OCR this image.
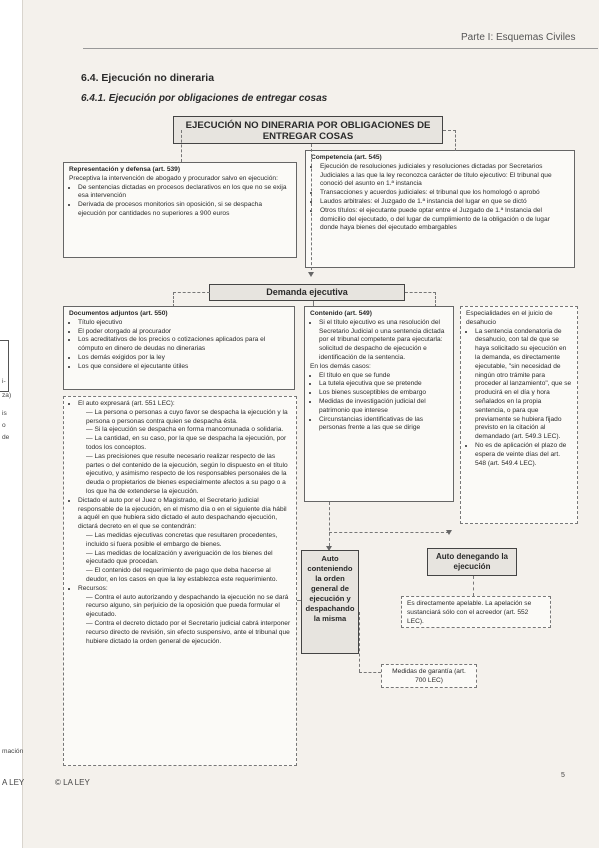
Parte I: Esquemas Civiles
6.4. Ejecución no dineraria
6.4.1. Ejecución por obligaciones de entregar cosas
EJECUCIÓN NO DINERARIA POR OBLIGACIONES DE ENTREGAR COSAS
Representación y defensa (art. 539)
Preceptiva la intervención de abogado y procurador salvo en ejecución:
• De sentencias dictadas en procesos declarativos en los que no se exija esa intervención
• Derivada de procesos monitorios sin oposición, si se despacha ejecución por cantidades no superiores a 900 euros
Competencia (art. 545)
• Ejecución de resoluciones judiciales y resoluciones dictadas por Secretarios Judiciales a las que la ley reconozca carácter de título ejecutivo: El tribunal que conoció del asunto en 1.ª instancia
• Transacciones y acuerdos judiciales: el tribunal que los homologó o aprobó
• Laudos arbitrales: el Juzgado de 1.ª instancia del lugar en que se dictó
• Otros títulos: el ejecutante puede optar entre el Juzgado de 1.ª Instancia del domicilio del ejecutado, o del lugar de cumplimiento de la obligación o de lugar donde haya bienes del ejecutado embargables
Demanda ejecutiva
Documentos adjuntos (art. 550)
• Título ejecutivo
• El poder otorgado al procurador
• Los acreditativos de los precios o cotizaciones aplicados para el cómputo en dinero de deudas no dinerarias
• Los demás exigidos por la ley
• Los que considere el ejecutante útiles
Contenido (art. 549)
• Si el título ejecutivo es una resolución del Secretario Judicial o una sentencia dictada por el tribunal competente para ejecutarla: solicitud de despacho de ejecución e identificación de la sentencia.
En los demás casos:
• El título en que se funde
• La tutela ejecutiva que se pretende
• Los bienes susceptibles de embargo
• Medidas de investigación judicial del patrimonio que interese
• Circunstancias identificativas de las personas frente a las que se dirige
Especialidades en el juicio de desahucio
• La sentencia condenatoria de desahucio, con tal de que se haya solicitado su ejecución en la demanda, es directamente ejecutable, "sin necesidad de ningún otro trámite para proceder al lanzamiento", que se producirá en el día y hora señalados en la propia sentencia, o para que previamente se hubiera fijado previsto en la citación al demandado (art. 549.3 LEC).
• No es de aplicación el plazo de espera de veinte días del art. 548 (art. 549.4 LEC).
• El auto expresará (art. 551 LEC):
— La persona o personas a cuyo favor se despacha la ejecución y la persona o personas contra quien se despacha ésta.
— Si la ejecución se despacha en forma mancomunada o solidaria.
— La cantidad, en su caso, por la que se despacha la ejecución, por todos los conceptos.
— Las precisiones que resulte necesario realizar respecto de las partes o del contenido de la ejecución, según lo dispuesto en el título ejecutivo, y asimismo respecto de los responsables personales de la deuda o propietarios de bienes especialmente afectos a su pago o a los que ha de extenderse la ejecución.
• Dictado el auto por el Juez o Magistrado, el Secretario judicial responsable de la ejecución, en el mismo día o en el siguiente día hábil a aquél en que hubiera sido dictado el auto despachando ejecución, dictará decreto en el que se contendrán:
— Las medidas ejecutivas concretas que resultaren procedentes, incluido si fuera posible el embargo de bienes.
— Las medidas de localización y averiguación de los bienes del ejecutado que procedan.
— El contenido del requerimiento de pago que deba hacerse al deudor, en los casos en que la ley establezca este requerimiento.
• Recursos:
— Contra el auto autorizando y despachando la ejecución no se dará recurso alguno, sin perjuicio de la oposición que pueda formular el ejecutado.
— Contra el decreto dictado por el Secretario judicial cabrá interponer recurso directo de revisión, sin efecto suspensivo, ante el tribunal que hubiere dictado la orden general de ejecución.
Auto conteniendo la orden general de ejecución y despachando la misma
Auto denegando la ejecución
Es directamente apelable. La apelación se sustanciará sólo con el acreedor (art. 552 LEC).
Medidas de garantía (art. 700 LEC)
© LA LEY
5
i-
za)
is
o
de
mación
A LEY
